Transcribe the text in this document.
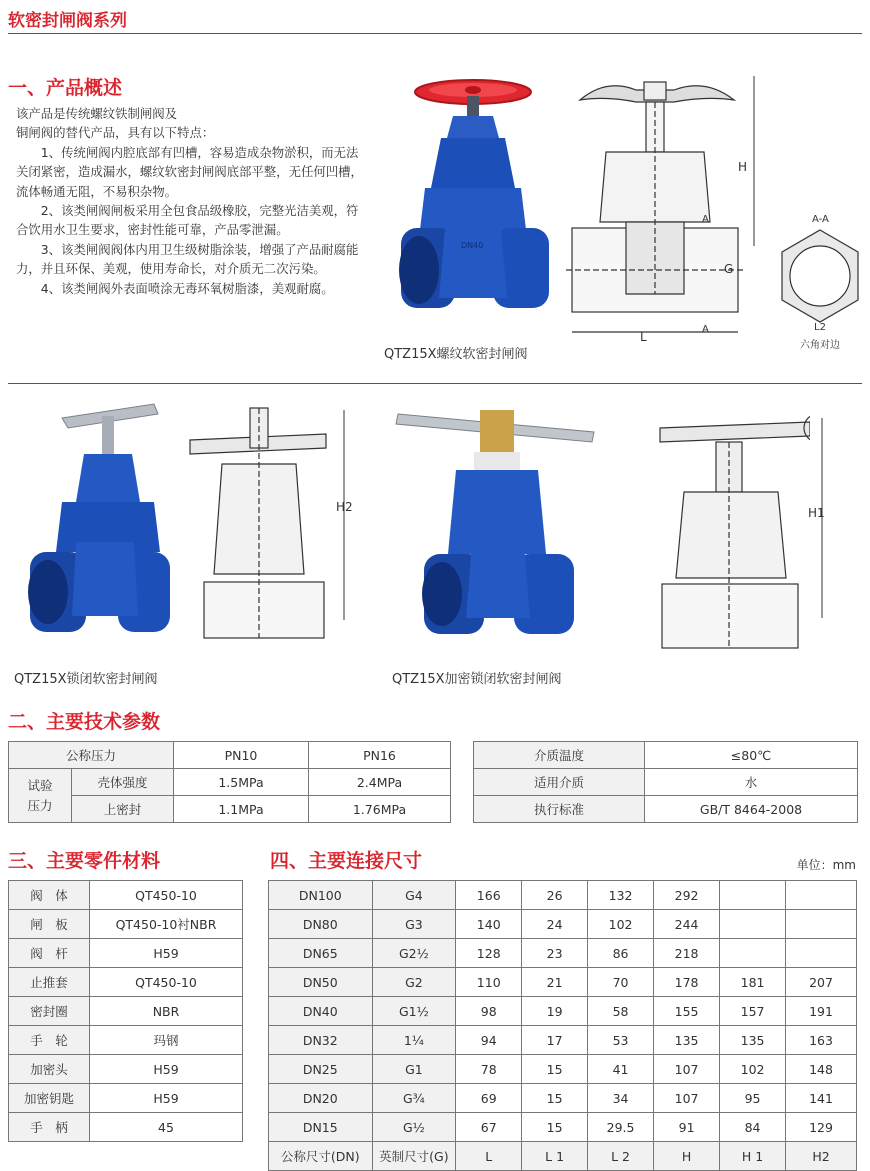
软密封闸阀系列
一、产品概述

该产品是传统螺纹铁制闸阀及

铜闸阀的替代产品，具有以下特点：

1、传统闸阀内腔底部有凹槽，容易造成杂物淤积，而无法关闭紧密，造成漏水，螺纹软密封闸阀底部平整，无任何凹槽，流体畅通无阻，不易积杂物。

2、该类闸阀闸板采用全包食品级橡胶，完整光洁美观，符合饮用水卫生要求，密封性能可靠，产品零泄漏。

3、该类闸阀阀体内用卫生级树脂涂装，增强了产品耐腐能力，并且环保、美观，使用寿命长，对介质无二次污染。

4、该类闸阀外表面喷涂无毒环氧树脂漆，美观耐腐。

DN40
QTZ15X螺纹软密封闸阀
H
G
L
A
A
A-A
L2
六角对边
QTZ15X锁闭软密封闸阀
H2
QTZ15X加密锁闭软密封闸阀
H1
二、主要技术参数
公称压力		PN10	PN16
试验
压力	壳体强度	1.5MPa	2.4MPa
	上密封	1.1MPa	1.76MPa
介质温度	≤80℃
适用介质	水
执行标准	GB/T 8464-2008
三、主要零件材料
阀　体	QT450-10
闸　板	QT450-10衬NBR
阀　杆	H59
止推套	QT450-10
密封圈	NBR
手　轮	玛钢
加密头	H59
加密钥匙	H59
手　柄	45
四、主要连接尺寸	单位：mm
DN100	G4	166	26	132	292		
DN80	G3	140	24	102	244		
DN65	G2½	128	23	86	218		
DN50	G2	110	21	70	178	181	207
DN40	G1½	98	19	58	155	157	191
DN32	1¼	94	17	53	135	135	163
DN25	G1	78	15	41	107	102	148
DN20	G¾	69	15	34	107	95	141
DN15	G½	67	15	29.5	91	84	129
公称尺寸(DN)	英制尺寸(G)	L	L 1	L 2	H	H 1	H2
